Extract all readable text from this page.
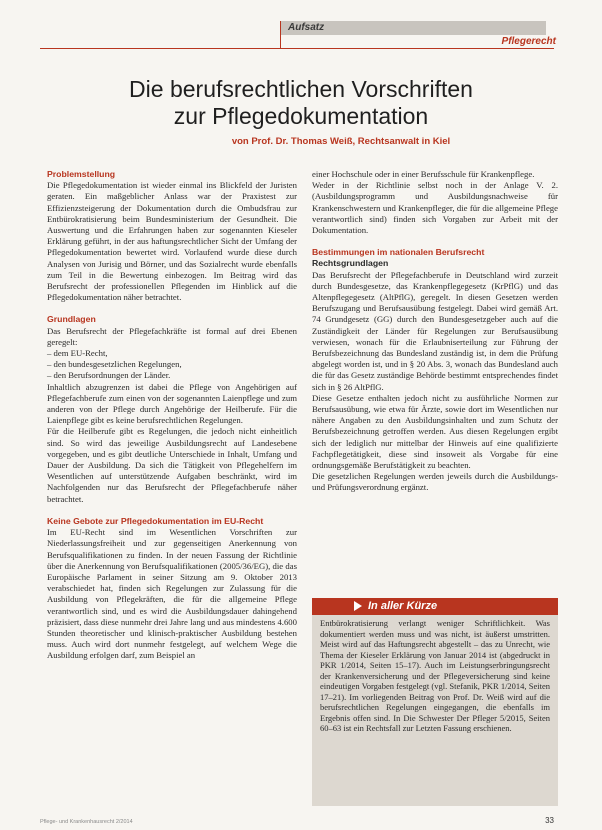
Aufsatz
Pflegerecht
Die berufsrechtlichen Vorschriften
zur Pflegedokumentation
von Prof. Dr. Thomas Weiß, Rechtsanwalt in Kiel

Problemstellung

Die Pflegedokumentation ist wieder einmal ins Blickfeld der Juristen geraten. Ein maßgeblicher Anlass war der Praxistest zur Effizienzsteigerung der Dokumentation durch die Ombudsfrau zur Entbürokratisierung beim Bundesministerium der Gesundheit. Die Auswertung und die Erfahrungen haben zur sogenannten Kieseler Erklärung geführt, in der aus haftungsrechtlicher Sicht der Umfang der Pflegedokumentation bewertet wird. Vorlaufend wurde diese durch Analysen von Jurisig und Börner, und das Sozialrecht wurde ebenfalls zum Teil in die Bewertung einbezogen. Im Beitrag wird das Berufsrecht der professionellen Pflegenden im Hinblick auf die Pflegedokumentation näher betrachtet.

Grundlagen

Das Berufsrecht der Pflegefachkräfte ist formal auf drei Ebenen geregelt:

– dem EU-Recht,

– den bundesgesetzlichen Regelungen,

– den Berufsordnungen der Länder.

Inhaltlich abzugrenzen ist dabei die Pflege von Angehörigen auf Pflegefachberufe zum einen von der sogenannten Laienpflege und zum anderen von der Pflege durch Angehörige der Heilberufe. Für die Laienpflege gibt es keine berufsrechtlichen Regelungen.

Für die Heilberufe gibt es Regelungen, die jedoch nicht einheitlich sind. So wird das jeweilige Ausbildungsrecht auf Landesebene vorgegeben, und es gibt deutliche Unterschiede in Inhalt, Umfang und Dauer der Ausbildung. Da sich die Tätigkeit von Pflegehelfern im Wesentlichen auf unterstützende Aufgaben beschränkt, wird im Nachfolgenden nur das Berufsrecht der Pflegefachberufe näher betrachtet.

Keine Gebote zur Pflegedokumentation im EU-Recht

Im EU-Recht sind im Wesentlichen Vorschriften zur Niederlassungsfreiheit und zur gegenseitigen Anerkennung von Berufsqualifikationen zu finden. In der neuen Fassung der Richtlinie über die Anerkennung von Berufsqualifikationen (2005/36/EG), die das Europäische Parlament in seiner Sitzung am 9. Oktober 2013 verabschiedet hat, finden sich Regelungen zur Zulassung für die Ausbildung von Pflegekräften, die für die allgemeine Pflege verantwortlich sind, und es wird die Ausbildungsdauer dahingehend präzisiert, dass diese nunmehr drei Jahre lang und aus mindestens 4.600 Stunden theoretischer und klinisch-praktischer Ausbildung bestehen muss. Auch wird dort nunmehr festgelegt, auf welchem Wege die Ausbildung erfolgen darf, zum Beispiel an

einer Hochschule oder in einer Berufsschule für Krankenpflege.

Weder in der Richtlinie selbst noch in der Anlage V. 2. (Ausbildungsprogramm und Ausbildungsnachweise für Krankenschwestern und Krankenpfleger, die für die allgemeine Pflege verantwortlich sind) finden sich Vorgaben zur Arbeit mit der Dokumentation.

Bestimmungen im nationalen Berufsrecht

Rechtsgrundlagen

Das Berufsrecht der Pflegefachberufe in Deutschland wird zurzeit durch Bundesgesetze, das Krankenpflegegesetz (KrPflG) und das Altenpflegegesetz (AltPflG), geregelt. In diesen Gesetzen werden Berufszugang und Berufsausübung festgelegt. Dabei wird gemäß Art. 74 Grundgesetz (GG) durch den Bundesgesetzgeber auch auf die Zuständigkeit der Länder für Regelungen zur Berufsausübung verwiesen, wonach für die Erlaubniserteilung zur Führung der Berufsbezeichnung das Bundesland zuständig ist, in dem die Prüfung abgelegt worden ist, und in § 20 Abs. 3, wonach das Bundesland auch die für das Gesetz zuständige Behörde bestimmt entsprechendes findet sich in § 26 AltPflG.

Diese Gesetze enthalten jedoch nicht zu ausführliche Normen zur Berufsausübung, wie etwa für Ärzte, sowie dort im Wesentlichen nur nähere Angaben zu den Ausbildungsinhalten und zum Schutz der Berufsbezeichnung getroffen werden. Aus diesen Regelungen ergibt sich der lediglich nur mittelbar der Hinweis auf eine qualifizierte Fachpflegetätigkeit, diese sind insoweit als Vorgabe für eine ordnungsgemäße Berufstätigkeit zu beachten.

Die gesetzlichen Regelungen werden jeweils durch die Ausbildungs- und Prüfungsverordnung ergänzt.

In aller Kürze

Entbürokratisierung verlangt weniger Schriftlichkeit. Was dokumentiert werden muss und was nicht, ist äußerst umstritten. Meist wird auf das Haftungsrecht abgestellt – das zu Unrecht, wie Thema der Kieseler Erklärung von Januar 2014 ist (abgedruckt in PKR 1/2014, Seiten 15–17). Auch im Leistungserbringungsrecht der Krankenversicherung und der Pflegeversicherung sind keine eindeutigen Vorgaben festgelegt (vgl. Stefanik, PKR 1/2014, Seiten 17–21). Im vorliegenden Beitrag von Prof. Dr. Weiß wird auf die berufsrechtlichen Regelungen eingegangen, die ebenfalls im Ergebnis offen sind. In Die Schwester Der Pfleger 5/2015, Seiten 60–63 ist ein Rechtsfall zur Letzten Fassung erschienen.

Pflege- und Krankenhausrecht 2/2014	33
